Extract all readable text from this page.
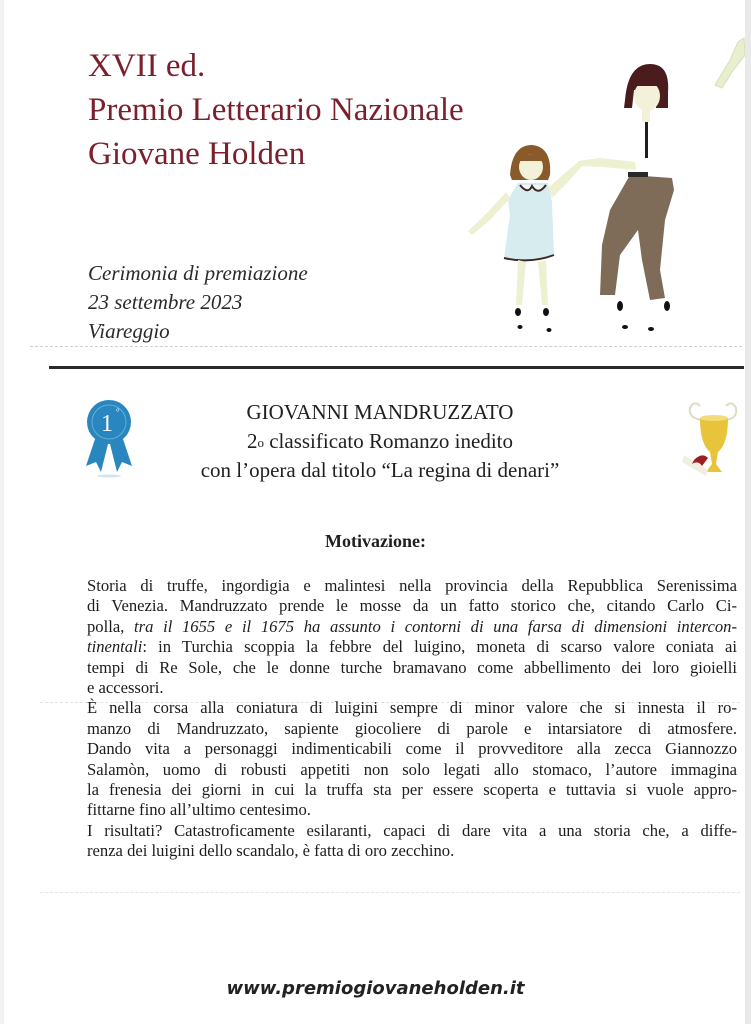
XVII ed.
Premio Letterario Nazionale
Giovane Holden
Cerimonia di premiazione
23 settembre 2023
Viareggio
1 °	GIOVANNI MANDRUZZATO
2$^o$ classificato Romanzo inedito
con l’opera dal titolo “La regina di denari”
Motivazione:
Storia di truffe, ingordigia e malintesi nella provincia della Repubblica Serenissima
di Venezia. Mandruzzato prende le mosse da un fatto storico che, citando Carlo Ci-
polla, tra il 1655 e il 1675 ha assunto i contorni di una farsa di dimensioni intercon-
tinentali: in Turchia scoppia la febbre del luigino, moneta di scarso valore coniata ai
tempi di Re Sole, che le donne turche bramavano come abbellimento dei loro gioielli
e accessori.
È nella corsa alla coniatura di luigini sempre di minor valore che si innesta il ro-
manzo di Mandruzzato, sapiente giocoliere di parole e intarsiatore di atmosfere.
Dando vita a personaggi indimenticabili come il provveditore alla zecca Giannozzo
Salamòn, uomo di robusti appetiti non solo legati allo stomaco, l’autore immagina
la frenesia dei giorni in cui la truffa sta per essere scoperta e tuttavia si vuole appro-
fittarne fino all’ultimo centesimo.
I risultati? Catastroficamente esilaranti, capaci di dare vita a una storia che, a diffe-
renza dei luigini dello scandalo, è fatta di oro zecchino.
www.premiogiovaneholden.it
